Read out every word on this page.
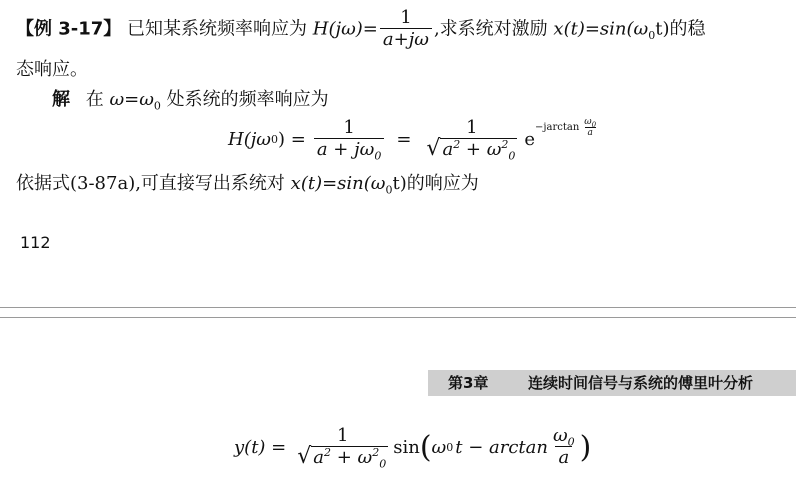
【例 3-17】 已知某系统频率响应为 $H(j\omega)= \frac{1}{a+j\omega}$ ,求系统对激励 $x(t)=\sin(\omega_0t)$的稳
态响应。
解 在 $\omega=\omega_0$ 处系统的频率响应为
H(jω 0 ) = $\frac{1}{a + j\omega_0}$ =
1
√ $a^2 + \omega^2_0$
e
$-jarctan \frac{\omega_0}{a}$
依据式(3-87a),可直接写出系统对 $x(t)=\sin(\omega_0t)$的响应为
112
第3章	连续时间信号与系统的傅里叶分析
y(t) =
1
√ $a^2 + \omega^2_0$
sin ( ω 0 $t - \arctan \frac{\omega_0}{a}$ )
